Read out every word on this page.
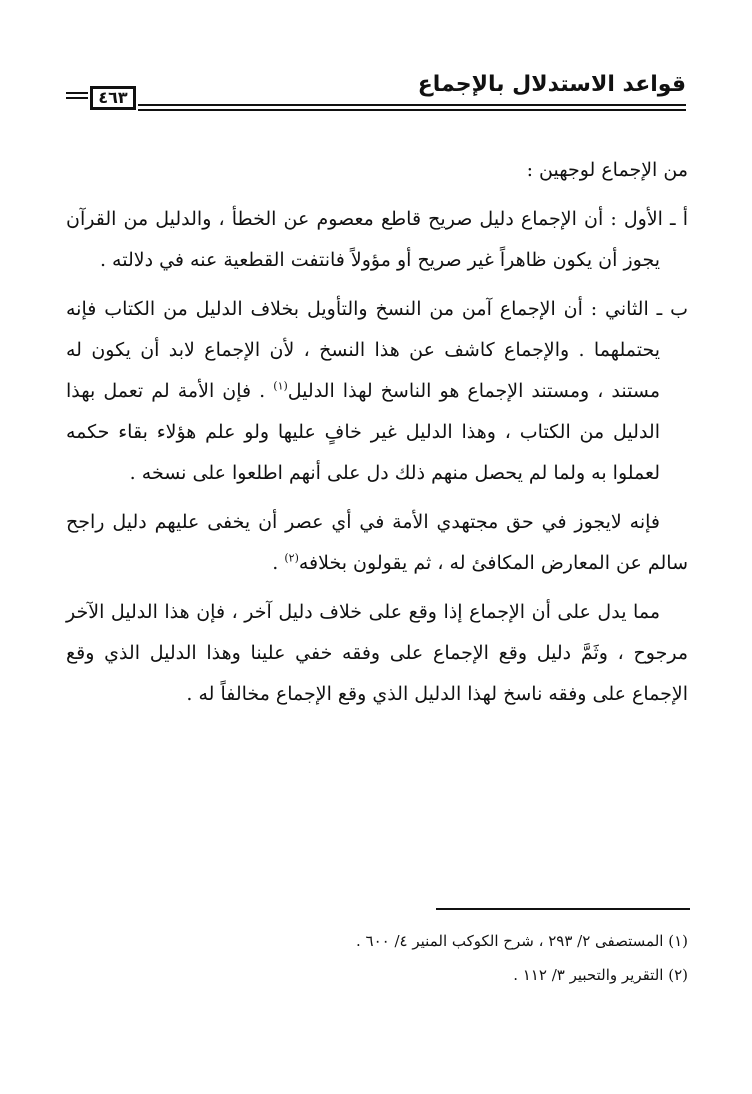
قواعد الاستدلال بالإجماع
٤٦٣

من الإجماع لوجهين :

أ ـ الأول : أن الإجماع دليل صريح قاطع معصوم عن الخطأ ، والدليل من القرآن يجوز أن يكون ظاهراً غير صريح أو مؤولاً فانتفت القطعية عنه في دلالته .

ب ـ الثاني : أن الإجماع آمن من النسخ والتأويل بخلاف الدليل من الكتاب فإنه يحتملهما . والإجماع كاشف عن هذا النسخ ، لأن الإجماع لابد أن يكون له مستند ، ومستند الإجماع هو الناسخ لهذا الدليل$^{(١)}$ . فإن الأمة لم تعمل بهذا الدليل من الكتاب ، وهذا الدليل غير خافٍ عليها ولو علم هؤلاء بقاء حكمه لعملوا به ولما لم يحصل منهم ذلك دل على أنهم اطلعوا على نسخه .

فإنه لايجوز في حق مجتهدي الأمة في أي عصر أن يخفى عليهم دليل راجح سالم عن المعارض المكافئ له ، ثم يقولون بخلافه$^{(٢)}$ .

مما يدل على أن الإجماع إذا وقع على خلاف دليل آخر ، فإن هذا الدليل الآخر مرجوح ، وثَمَّ دليل وقع الإجماع على وفقه خفي علينا وهذا الدليل الذي وقع الإجماع على وفقه ناسخ لهذا الدليل الذي وقع الإجماع مخالفاً له .

(١) المستصفى ٢/ ٢٩٣ ، شرح الكوكب المنير ٤/ ٦٠٠ .
(٢) التقرير والتحبير ٣/ ١١٢ .
